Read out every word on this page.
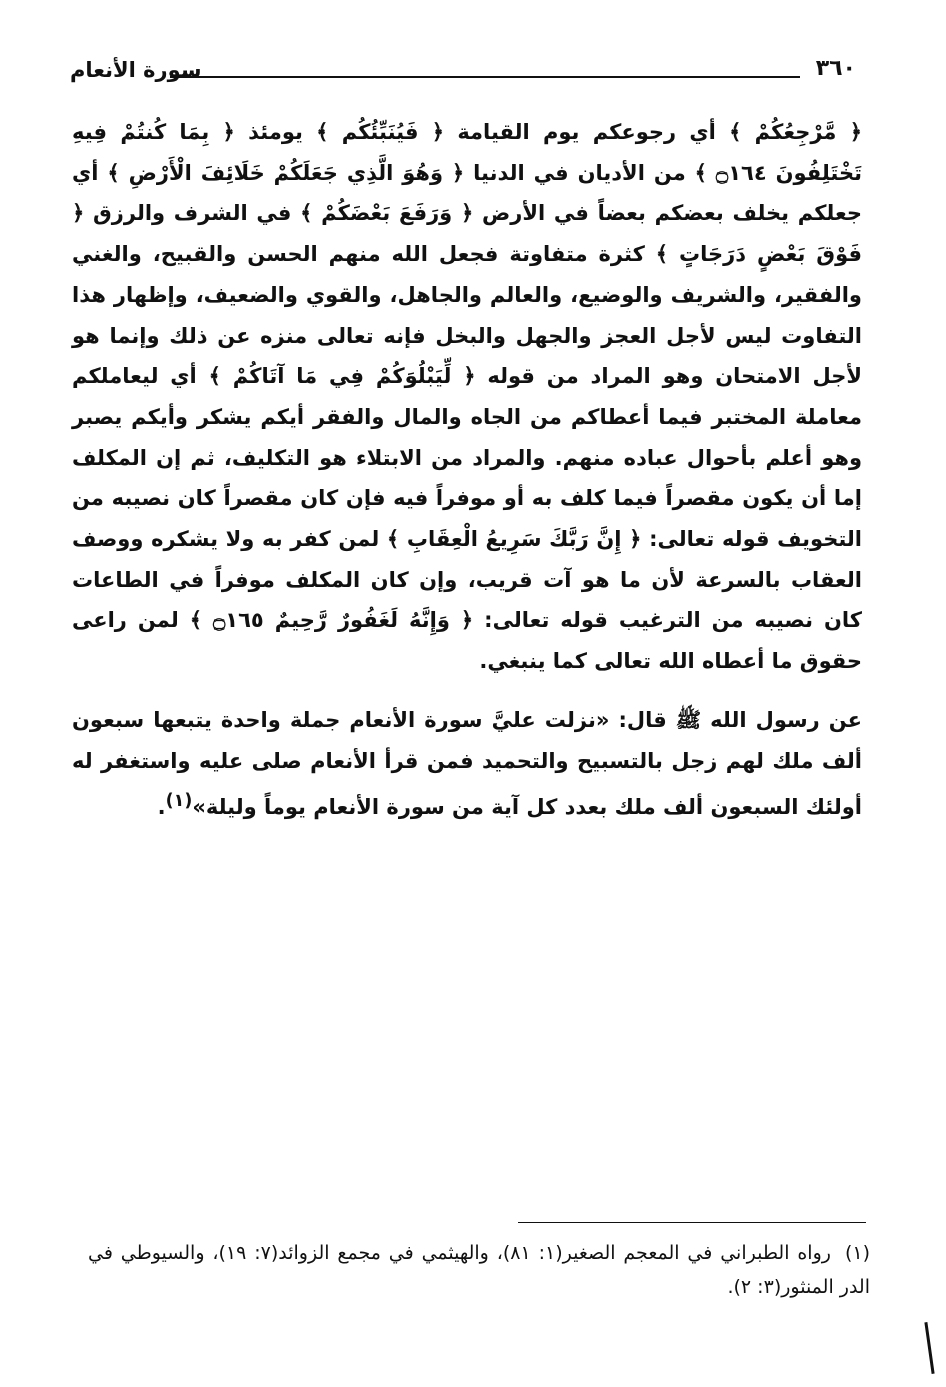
سورة الأنعام	٣٦٠

﴿ مَّرْجِعُكُمْ ﴾ أي رجوعكم يوم القيامة ﴿ فَيُنَبِّئُكُم ﴾ يومئذ ﴿ بِمَا كُنتُمْ فِيهِ تَخْتَلِفُونَ ۝١٦٤ ﴾ من الأديان في الدنيا ﴿ وَهُوَ الَّذِي جَعَلَكُمْ خَلَائِفَ الْأَرْضِ ﴾ أي جعلكم يخلف بعضكم بعضاً في الأرض ﴿ وَرَفَعَ بَعْضَكُمْ ﴾ في الشرف والرزق ﴿ فَوْقَ بَعْضٍ دَرَجَاتٍ ﴾ كثرة متفاوتة فجعل الله منهم الحسن والقبيح، والغني والفقير، والشريف والوضيع، والعالم والجاهل، والقوي والضعيف، وإظهار هذا التفاوت ليس لأجل العجز والجهل والبخل فإنه تعالى منزه عن ذلك وإنما هو لأجل الامتحان وهو المراد من قوله ﴿ لِّيَبْلُوَكُمْ فِي مَا آتَاكُمْ ﴾ أي ليعاملكم معاملة المختبر فيما أعطاكم من الجاه والمال والفقر أيكم يشكر وأيكم يصبر وهو أعلم بأحوال عباده منهم. والمراد من الابتلاء هو التكليف، ثم إن المكلف إما أن يكون مقصراً فيما كلف به أو موفراً فيه فإن كان مقصراً كان نصيبه من التخويف قوله تعالى: ﴿ إِنَّ رَبَّكَ سَرِيعُ الْعِقَابِ ﴾ لمن كفر به ولا يشكره ووصف العقاب بالسرعة لأن ما هو آت قريب، وإن كان المكلف موفراً في الطاعات كان نصيبه من الترغيب قوله تعالى: ﴿ وَإِنَّهُ لَغَفُورٌ رَّحِيمٌ ۝١٦٥ ﴾ لمن راعى حقوق ما أعطاه الله تعالى كما ينبغي.

عن رسول الله ﷺ قال: «نزلت عليَّ سورة الأنعام جملة واحدة يتبعها سبعون ألف ملك لهم زجل بالتسبيح والتحميد فمن قرأ الأنعام صلى عليه واستغفر له أولئك السبعون ألف ملك بعدد كل آية من سورة الأنعام يوماً وليلة»$^{(١)}$.

(١)رواه الطبراني في المعجم الصغير(١: ٨١)، والهيثمي في مجمع الزوائد(٧: ١٩)، والسيوطي في الدر المنثور(٣: ٢).
